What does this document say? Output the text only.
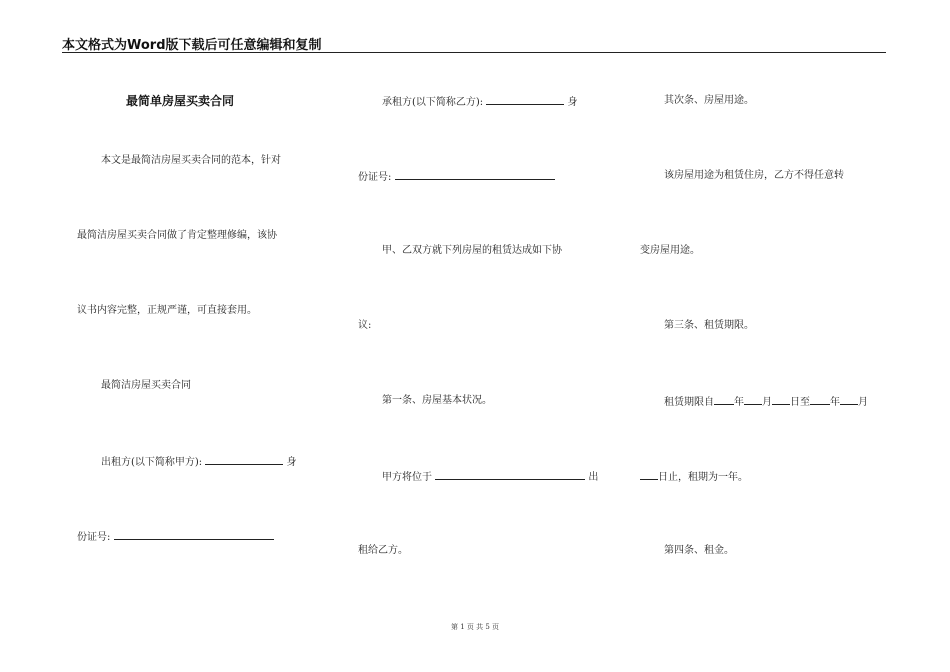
本文格式为Word版下载后可任意编辑和复制
最简单房屋买卖合同
本文是最简洁房屋买卖合同的范本，针对
最简洁房屋买卖合同做了肯定整理修编，该协
议书内容完整，正规严谨，可直接套用。
最简洁房屋买卖合同
出租方(以下简称甲方):	身
份证号:
承租方(以下简称乙方):	身
份证号:
甲、乙双方就下列房屋的租赁达成如下协
议:
第一条、房屋基本状况。
甲方将位于	出
租给乙方。
其次条、房屋用途。
该房屋用途为租赁住房，乙方不得任意转
变房屋用途。
第三条、租赁期限。
租赁期限自 年 月 日至 年 月
日止，租期为一年。
第四条、租金。
第 1 页 共 5 页
